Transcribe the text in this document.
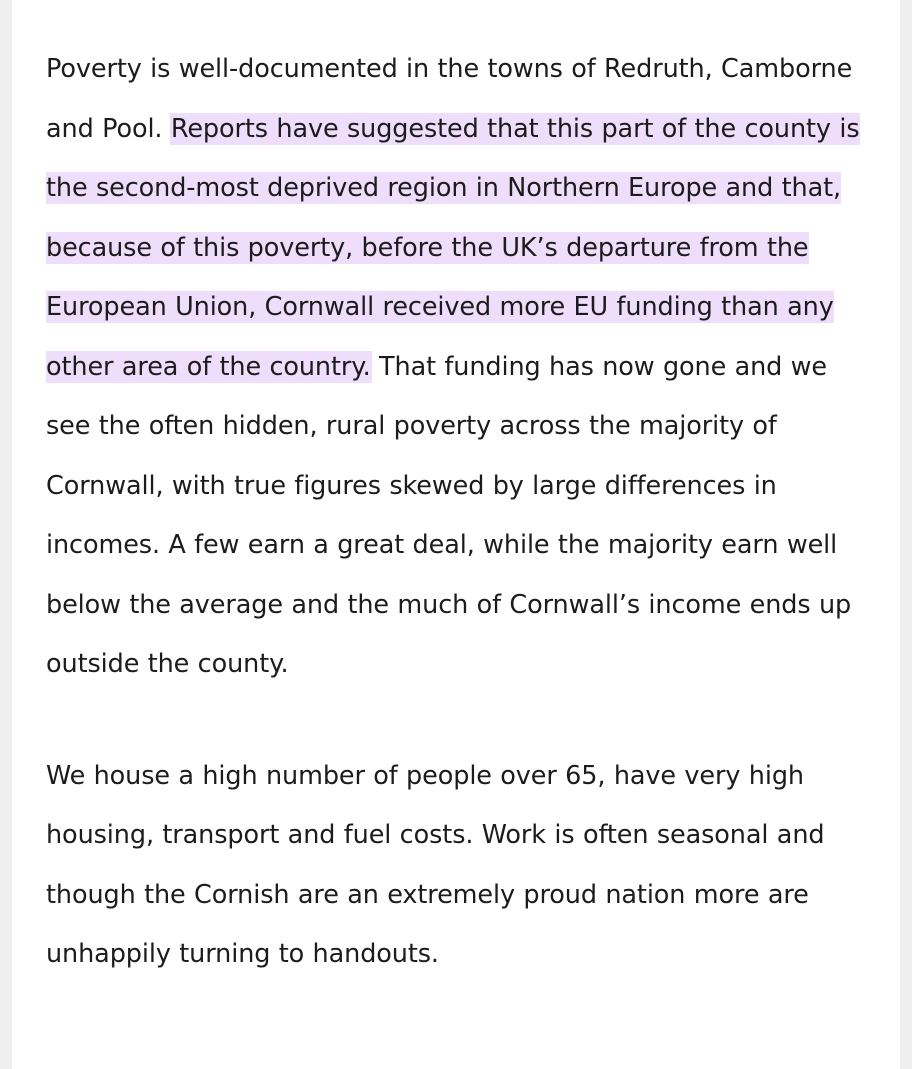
Poverty is well-documented in the towns of Redruth, Camborne and Pool. Reports have suggested that this part of the county is the second-most deprived region in Northern Europe and that, because of this poverty, before the UK’s departure from the European Union, Cornwall received more EU funding than any other area of the country. That funding has now gone and we see the often hidden, rural poverty across the majority of Cornwall, with true figures skewed by large differences in incomes. A few earn a great deal, while the majority earn well below the average and the much of Cornwall’s income ends up outside the county.

We house a high number of people over 65, have very high housing, transport and fuel costs. Work is often seasonal and though the Cornish are an extremely proud nation more are unhappily turning to handouts.
